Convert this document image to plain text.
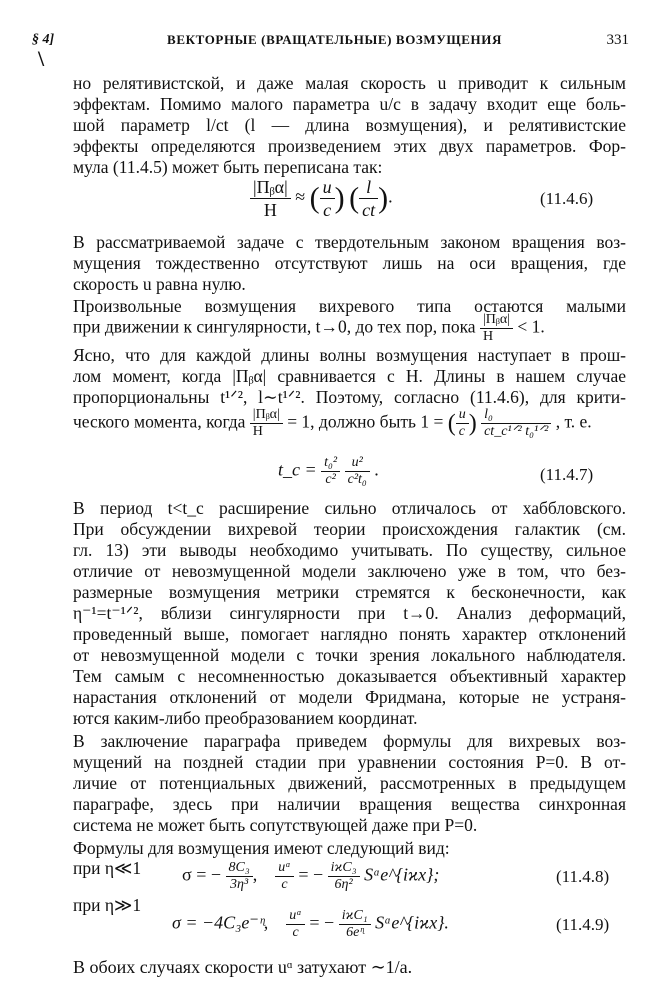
§ 4]	ВЕКТОРНЫЕ (ВРАЩАТЕЛЬНЫЕ) ВОЗМУЩЕНИЯ	331
\
но релятивистской, и даже малая скорость u приводит к сильным
эффектам. Помимо малого параметра u/c в задачу входит еще боль-
шой параметр l/ct (l — длина возмущения), и релятивистские
эффекты определяются произведением этих двух параметров. Фор-
мула (11.4.5) может быть переписана так:
$\frac{\text{|Πᵦα|}}{H}$ ≈ ( $\frac{u}{c}$ ) ( $\frac{l}{ct}$ ).	(11.4.6)
В рассматриваемой задаче с твердотельным законом вращения воз-
мущения тождественно отсутствуют лишь на оси вращения, где
скорость u равна нулю.
Произвольные возмущения вихревого типа остаются малыми
при движении к сингулярности, t→0, до тех пор, пока $\frac{\text{|Πᵦα|}}{H} < 1$.
Ясно, что для каждой длины волны возмущения наступает в прош-
лом момент, когда |Πᵦα| сравнивается с H. Длины в нашем случае
пропорциональны t¹ᐟ², l∼t¹ᐟ². Поэтому, согласно (11.4.6), для крити-
ческого момента, когда $\frac{\text{|Πᵦα|}}{H} = 1$, должно быть 1 = ( $\frac{u}{c}$ ) $\frac{\text{l₀}}{\text{ct\_c¹ᐟ² t₀¹ᐟ²}}$ , т. е.
t_c = $\frac{\text{t₀²}}{\text{c²}}$
$\frac{\text{u²}}{\text{c²t₀}}$ .	(11.4.7)
В период t<t_c расширение сильно отличалось от хаббловского.
При обсуждении вихревой теории происхождения галактик (см.
гл. 13) эти выводы необходимо учитывать. По существу, сильное
отличие от невозмущенной модели заключено уже в том, что без-
размерные возмущения метрики стремятся к бесконечности, как
η⁻¹=t⁻¹ᐟ², вблизи сингулярности при t→0. Анализ деформаций,
проведенный выше, помогает наглядно понять характер отклонений
от невозмущенной модели с точки зрения локального наблюдателя.
Тем самым с несомненностью доказывается объективный характер
нарастания отклонений от модели Фридмана, которые не устраня-
ются каким-либо преобразованием координат.
В заключение параграфа приведем формулы для вихревых воз-
мущений на поздней стадии при уравнении состояния P=0. В от-
личие от потенциальных движений, рассмотренных в предыдущем
параграфе, здесь при наличии вращения вещества синхронная
система не может быть сопутствующей даже при P=0.
Формулы для возмущения имеют следующий вид:
при η≪1 σ = − $\frac{\text{8C₃}}{\text{3η³}}$ , $\frac{\text{uᵅ}}{c}$ = − $\frac{\text{iϰC₃}}{\text{6η²}}$ Sᵅe^{iϰx};	(11.4.8)
при η≫1
σ = −4C₃e⁻ᶯ, $\frac{\text{uᵅ}}{c}$ = − $\frac{\text{iϰC₁}}{\text{6eᶯ}}$ Sᵅe^{iϰx}.	(11.4.9)
В обоих случаях скорости uᵅ затухают ∼1/a.
